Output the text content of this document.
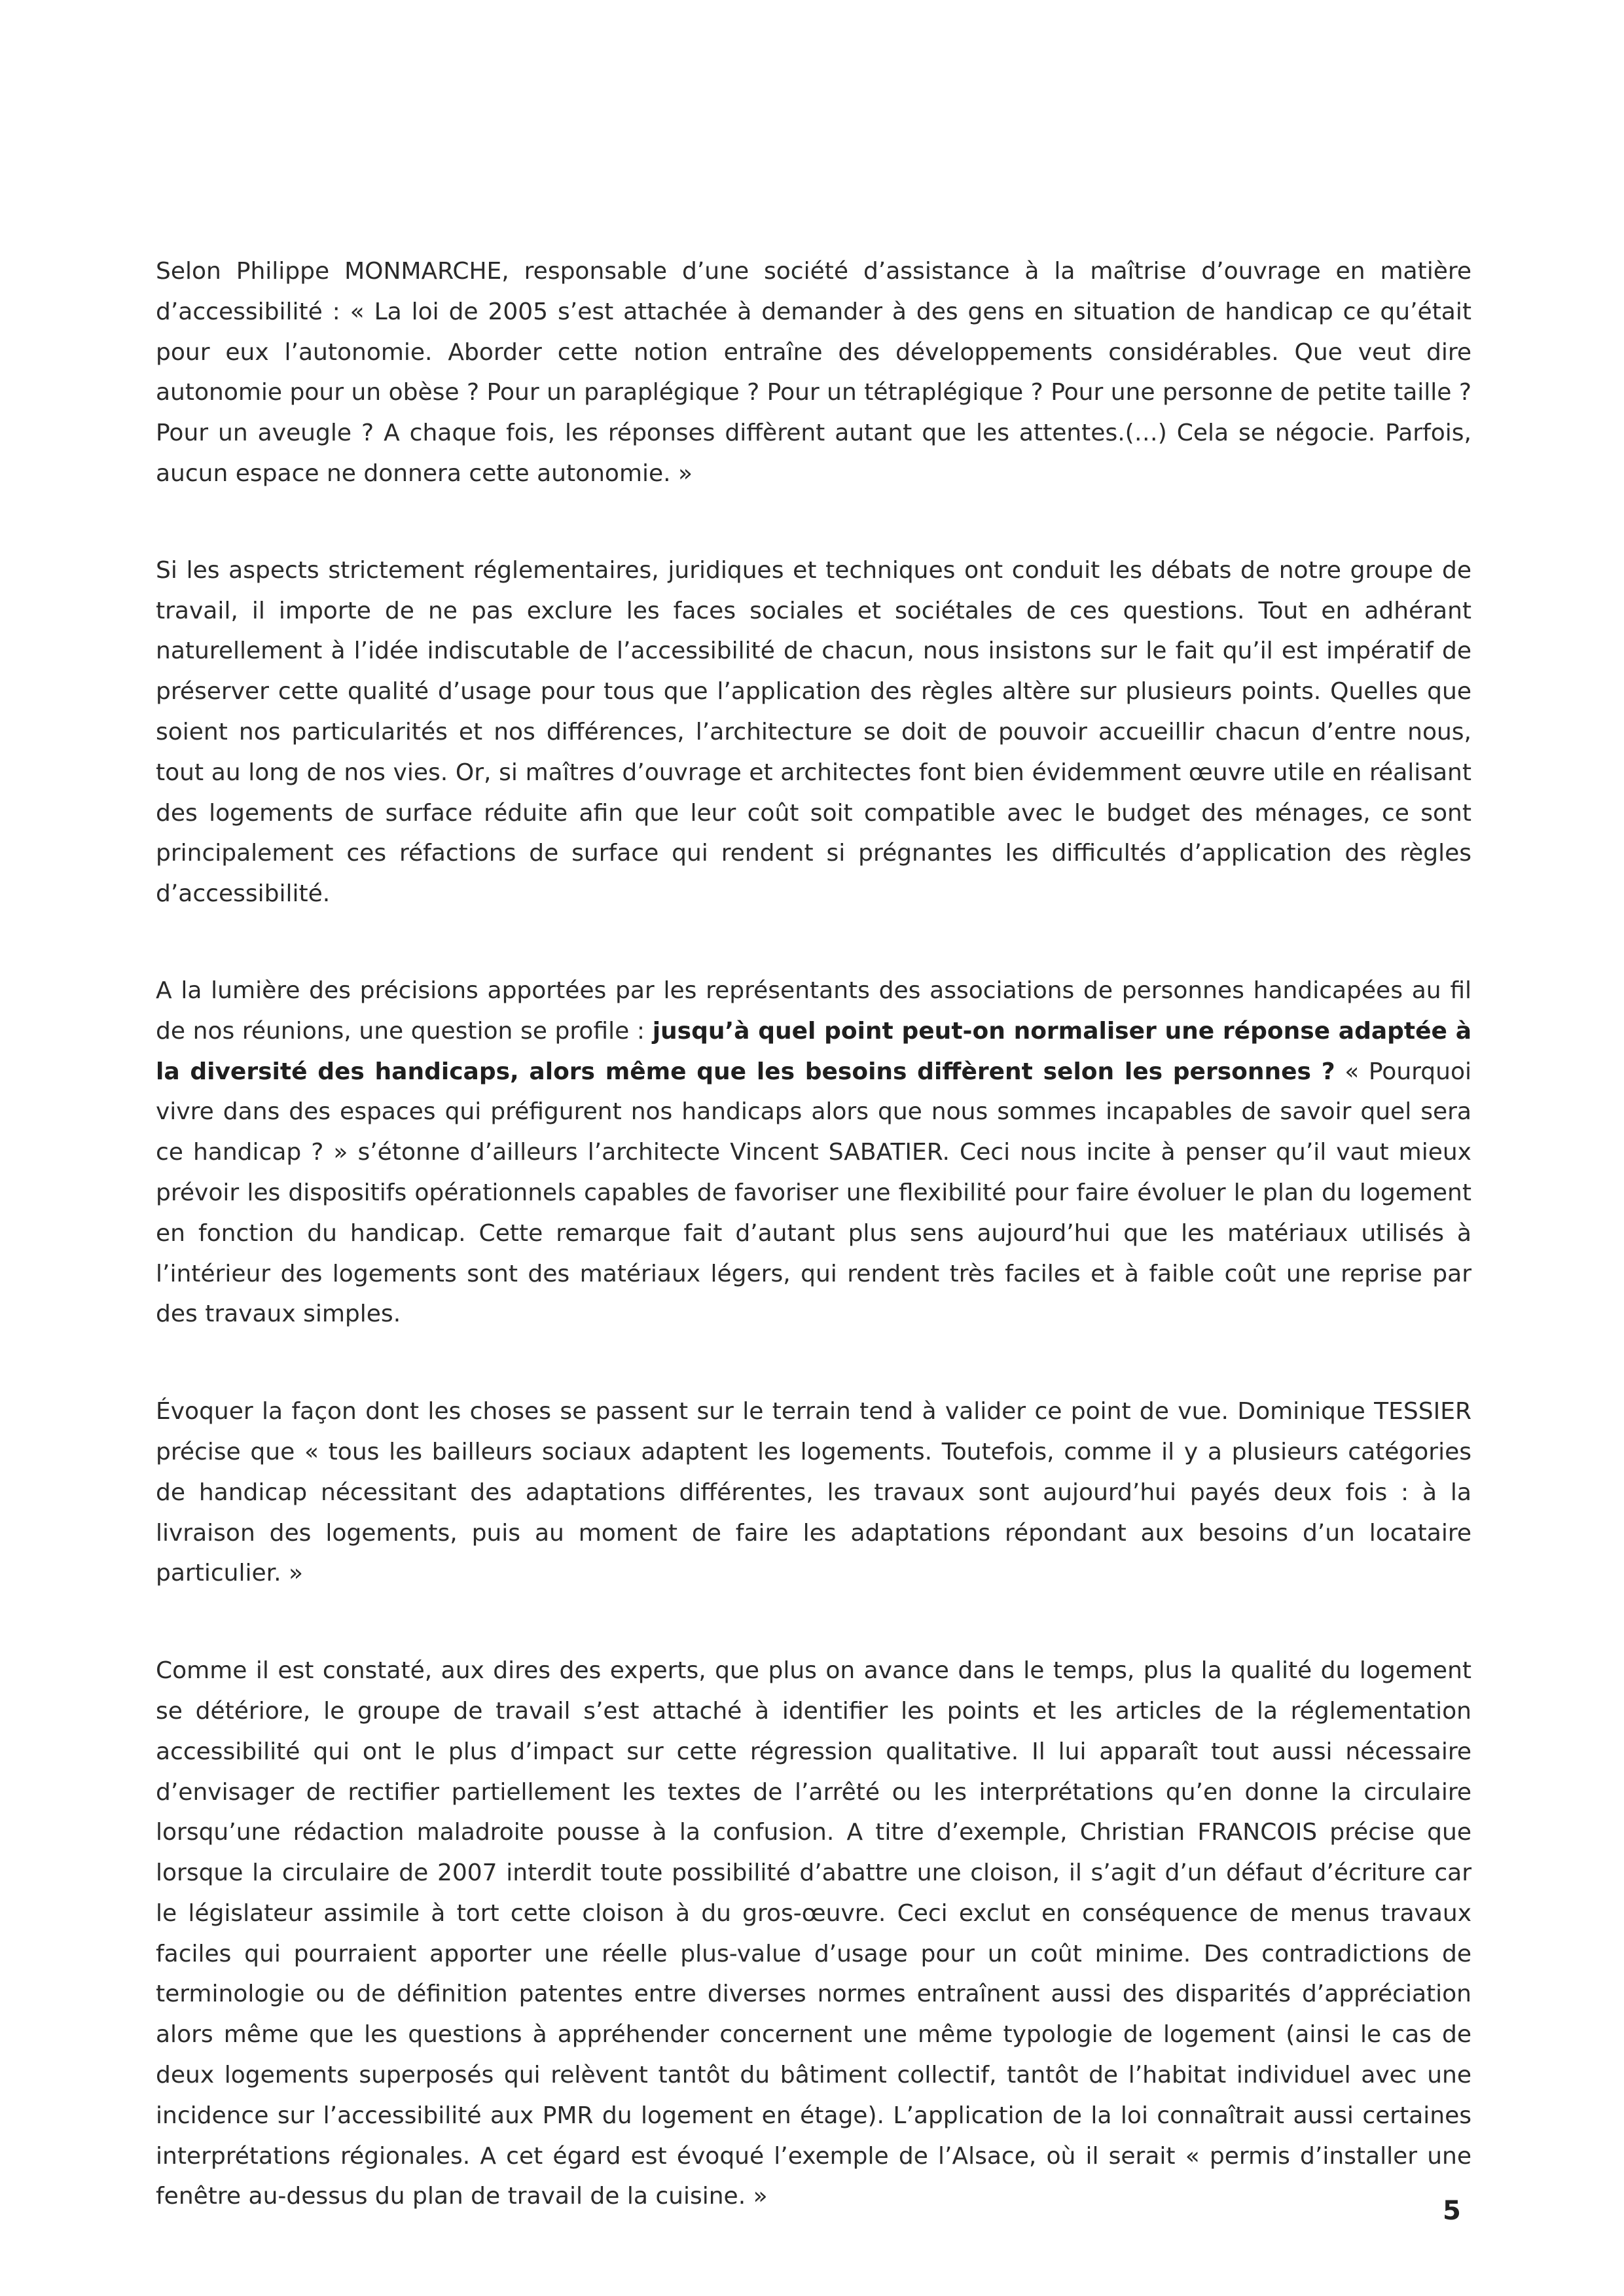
Selon Philippe MONMARCHE, responsable d’une société d’assistance à la maîtrise d’ouvrage en matière d’accessibilité : « La loi de 2005 s’est attachée à demander à des gens en situation de handicap ce qu’était pour eux l’autonomie. Aborder cette notion entraîne des développements considérables. Que veut dire autonomie pour un obèse ? Pour un paraplégique ? Pour un tétraplégique ? Pour une personne de petite taille ? Pour un aveugle ? A chaque fois, les réponses diffèrent autant que les attentes.(…) Cela se négocie. Parfois, aucun espace ne donnera cette autonomie. »

Si les aspects strictement réglementaires, juridiques et techniques ont conduit les débats de notre groupe de travail, il importe de ne pas exclure les faces sociales et sociétales de ces questions. Tout en adhérant naturellement à l’idée indiscutable de l’accessibilité de chacun, nous insistons sur le fait qu’il est impératif de préserver cette qualité d’usage pour tous que l’application des règles altère sur plusieurs points. Quelles que soient nos particularités et nos différences, l’architecture se doit de pouvoir accueillir chacun d’entre nous, tout au long de nos vies. Or, si maîtres d’ouvrage et architectes font bien évidemment œuvre utile en réalisant des logements de surface réduite afin que leur coût soit compatible avec le budget des ménages, ce sont principalement ces réfactions de surface qui rendent si prégnantes les difficultés d’application des règles d’accessibilité.

A la lumière des précisions apportées par les représentants des associations de personnes handicapées au fil de nos réunions, une question se profile : jusqu’à quel point peut-on normaliser une réponse adaptée à la diversité des handicaps, alors même que les besoins diffèrent selon les personnes ? « Pourquoi vivre dans des espaces qui préfigurent nos handicaps alors que nous sommes incapables de savoir quel sera ce handicap ? » s’étonne d’ailleurs l’architecte Vincent SABATIER. Ceci nous incite à penser qu’il vaut mieux prévoir les dispositifs opérationnels capables de favoriser une flexibilité pour faire évoluer le plan du logement en fonction du handicap. Cette remarque fait d’autant plus sens aujourd’hui que les matériaux utilisés à l’intérieur des logements sont des matériaux légers, qui rendent très faciles et à faible coût une reprise par des travaux simples.

Évoquer la façon dont les choses se passent sur le terrain tend à valider ce point de vue. Dominique TESSIER précise que « tous les bailleurs sociaux adaptent les logements. Toutefois, comme il y a plusieurs catégories de handicap nécessitant des adaptations différentes, les travaux sont aujourd’hui payés deux fois : à la livraison des logements, puis au moment de faire les adaptations répondant aux besoins d’un locataire particulier. »

Comme il est constaté, aux dires des experts, que plus on avance dans le temps, plus la qualité du logement se détériore, le groupe de travail s’est attaché à identifier les points et les articles de la réglementation accessibilité qui ont le plus d’impact sur cette régression qualitative. Il lui apparaît tout aussi nécessaire d’envisager de rectifier partiellement les textes de l’arrêté ou les interprétations qu’en donne la circulaire lorsqu’une rédaction maladroite pousse à la confusion. A titre d’exemple, Christian FRANCOIS précise que lorsque la circulaire de 2007 interdit toute possibilité d’abattre une cloison, il s’agit d’un défaut d’écriture car le législateur assimile à tort cette cloison à du gros-œuvre. Ceci exclut en conséquence de menus travaux faciles qui pourraient apporter une réelle plus-value d’usage pour un coût minime. Des contradictions de terminologie ou de définition patentes entre diverses normes entraînent aussi des disparités d’appréciation alors même que les questions à appréhender concernent une même typologie de logement (ainsi le cas de deux logements superposés qui relèvent tantôt du bâtiment collectif, tantôt de l’habitat individuel avec une incidence sur l’accessibilité aux PMR du logement en étage). L’application de la loi connaîtrait aussi certaines interprétations régionales. A cet égard est évoqué l’exemple de l’Alsace, où il serait « permis d’installer une fenêtre au-dessus du plan de travail de la cuisine. »	5
